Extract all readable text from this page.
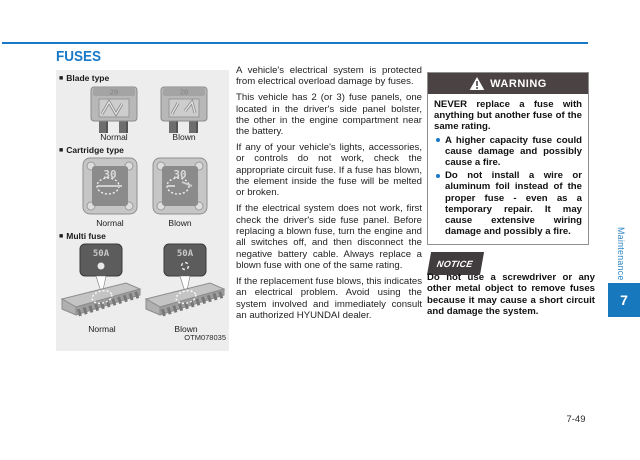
FUSES
■ Blade type
20	20
Normal	Blown
■ Cartridge type
30	30
Normal	Blown
■ Multi fuse
50A	50A
Normal	Blown
OTM078035

A vehicle's electrical system is protected from electrical overload damage by fuses.

This vehicle has 2 (or 3) fuse panels, one located in the driver's side panel bolster, the other in the engine compartment near the battery.

If any of your vehicle's lights, accessories, or controls do not work, check the appropriate circuit fuse. If a fuse has blown, the element inside the fuse will be melted or broken.

If the electrical system does not work, first check the driver's side fuse panel. Before replacing a blown fuse, turn the engine and all switches off, and then disconnect the negative battery cable. Always replace a blown fuse with one of the same rating.

If the replacement fuse blows, this indicates an electrical problem. Avoid using the system involved and immediately consult an authorized HYUNDAI dealer.

WARNING

NEVER replace a fuse with anything but another fuse of the same rating.

A higher capacity fuse could cause damage and possibly cause a fire.

Do not install a wire or aluminum foil instead of the proper fuse - even as a temporary repair. It may cause extensive wiring damage and possibly a fire.

NOTICE

Do not use a screwdriver or any other metal object to remove fuses because it may cause a short circuit and damage the system.

Maintenance
7
7-49
